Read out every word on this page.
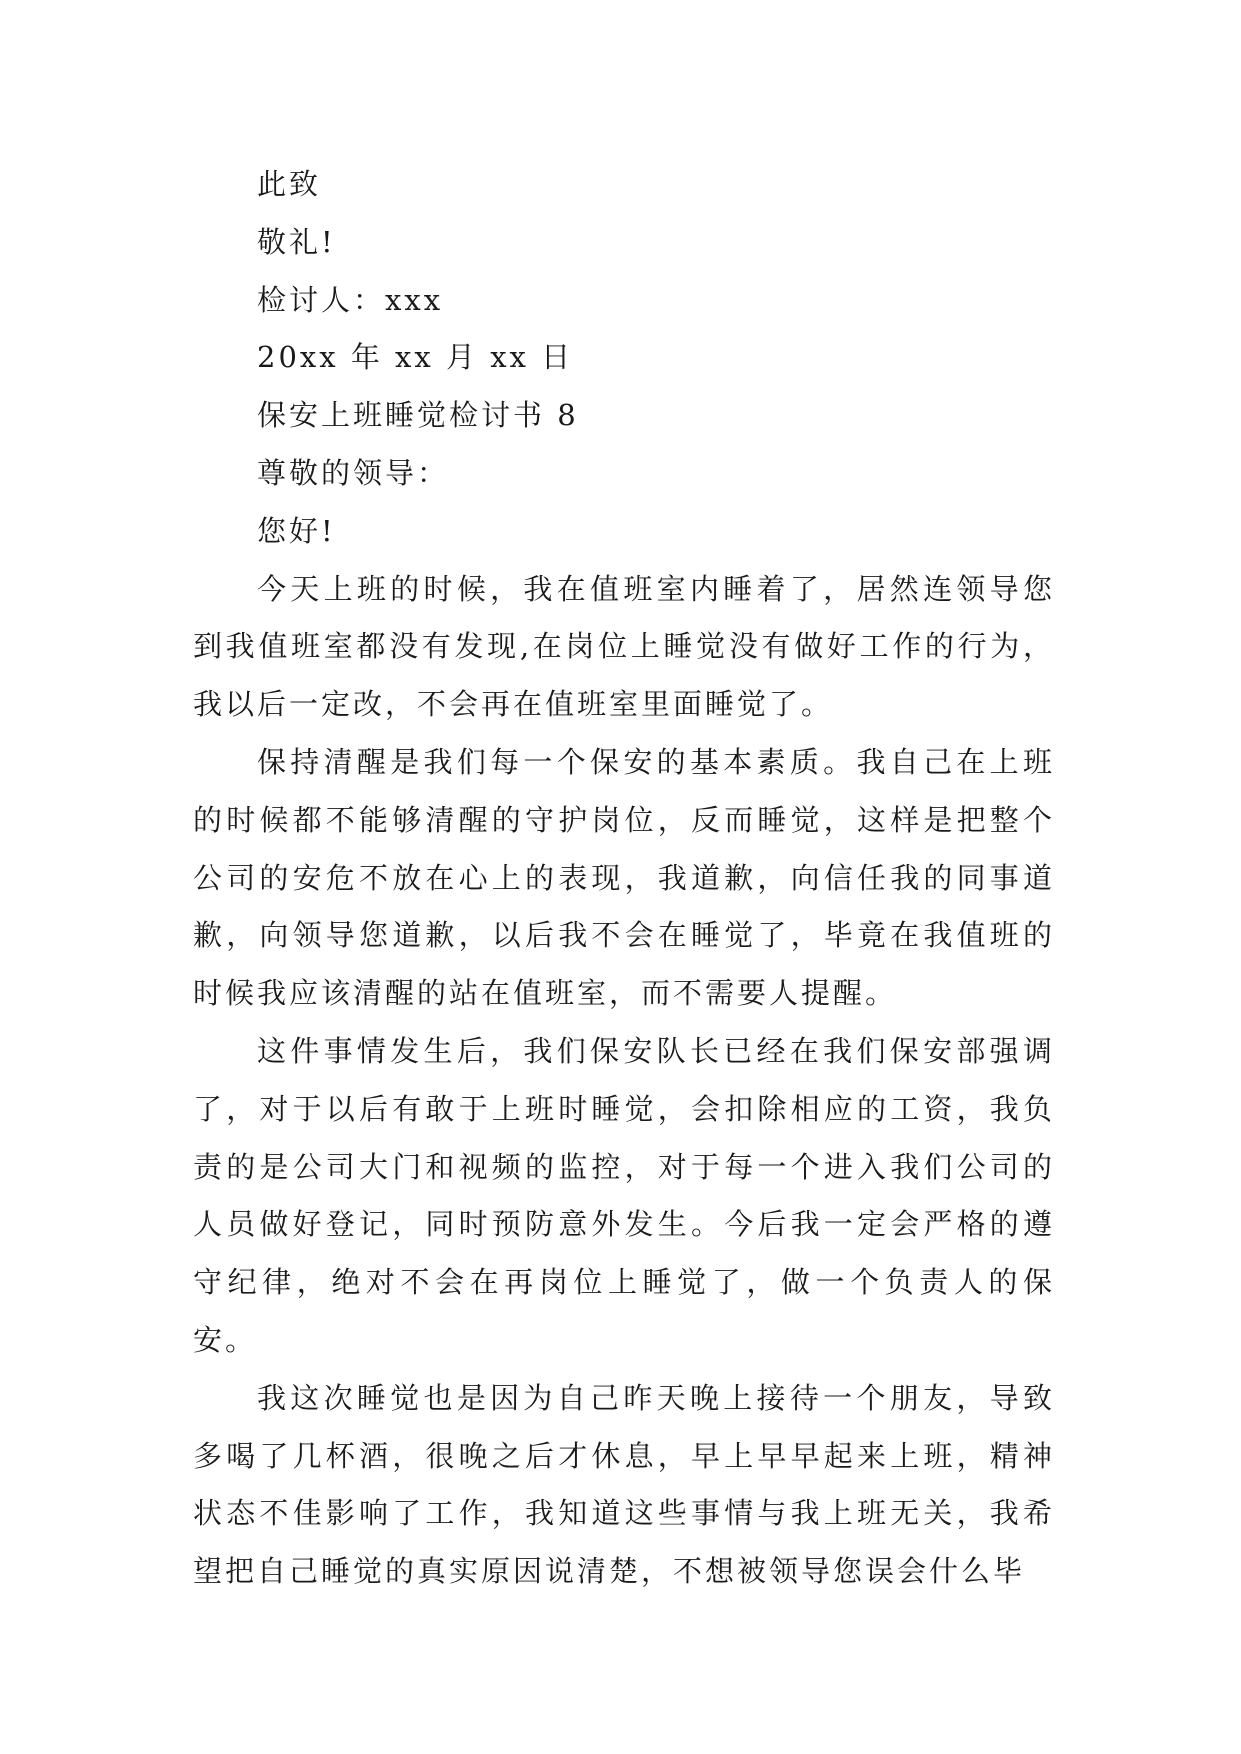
此致

敬礼!

检讨人：xxx

20xx 年 xx 月 xx 日

保安上班睡觉检讨书 8

尊敬的领导：

您好!

今天上班的时候，我在值班室内睡着了，居然连领导您到我值班室都没有发现,在岗位上睡觉没有做好工作的行为，我以后一定改，不会再在值班室里面睡觉了。

保持清醒是我们每一个保安的基本素质。我自己在上班的时候都不能够清醒的守护岗位，反而睡觉，这样是把整个公司的安危不放在心上的表现，我道歉，向信任我的同事道歉，向领导您道歉，以后我不会在睡觉了，毕竟在我值班的时候我应该清醒的站在值班室，而不需要人提醒。

这件事情发生后，我们保安队长已经在我们保安部强调了，对于以后有敢于上班时睡觉，会扣除相应的工资，我负责的是公司大门和视频的监控，对于每一个进入我们公司的人员做好登记，同时预防意外发生。今后我一定会严格的遵守纪律，绝对不会在再岗位上睡觉了，做一个负责人的保安。

我这次睡觉也是因为自己昨天晚上接待一个朋友，导致多喝了几杯酒，很晚之后才休息，早上早早起来上班，精神状态不佳影响了工作，我知道这些事情与我上班无关，我希望把自己睡觉的真实原因说清楚，不想被领导您误会什么毕
